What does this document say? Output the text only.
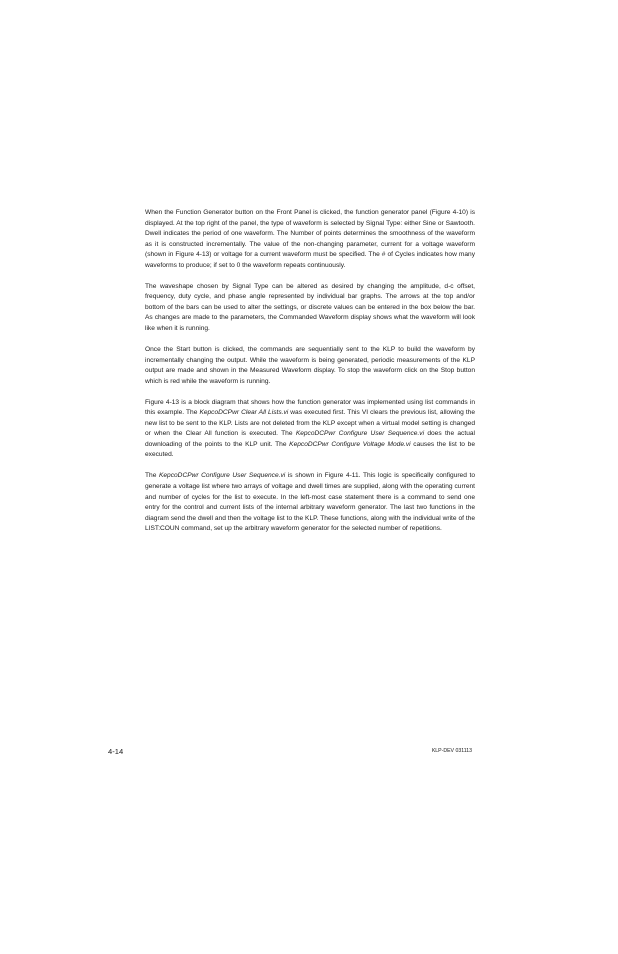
When the Function Generator button on the Front Panel is clicked, the function generator panel (Figure 4-10) is displayed. At the top right of the panel, the type of waveform is selected by Signal Type: either Sine or Sawtooth. Dwell indicates the period of one waveform. The Number of points determines the smoothness of the waveform as it is constructed incrementally. The value of the non-changing parameter, current for a voltage waveform (shown in Figure 4-13) or voltage for a current waveform must be specified. The # of Cycles indicates how many waveforms to produce; if set to 0 the waveform repeats continuously.

The waveshape chosen by Signal Type can be altered as desired by changing the amplitude, d-c offset, frequency, duty cycle, and phase angle represented by individual bar graphs. The arrows at the top and/or bottom of the bars can be used to alter the settings, or discrete values can be entered in the box below the bar. As changes are made to the parameters, the Commanded Waveform display shows what the waveform will look like when it is running.

Once the Start button is clicked, the commands are sequentially sent to the KLP to build the waveform by incrementally changing the output. While the waveform is being generated, periodic measurements of the KLP output are made and shown in the Measured Waveform display. To stop the waveform click on the Stop button which is red while the waveform is running.

Figure 4-13 is a block diagram that shows how the function generator was implemented using list commands in this example. The KepcoDCPwr Clear All Lists.vi was executed first. This VI clears the previous list, allowing the new list to be sent to the KLP. Lists are not deleted from the KLP except when a virtual model setting is changed or when the Clear All function is executed. The KepcoDCPwr Configure User Sequence.vi does the actual downloading of the points to the KLP unit. The KepcoDCPwr Configure Voltage Mode.vi causes the list to be executed.

The KepcoDCPwr Configure User Sequence.vi is shown in Figure 4-11. This logic is specifically configured to generate a voltage list where two arrays of voltage and dwell times are supplied, along with the operating current and number of cycles for the list to execute. In the left-most case statement there is a command to send one entry for the control and current lists of the internal arbitrary waveform generator. The last two functions in the diagram send the dwell and then the voltage list to the KLP. These functions, along with the individual write of the LIST:COUN command, set up the arbitrary waveform generator for the selected number of repetitions.

4-14	KLP-DEV 031113
